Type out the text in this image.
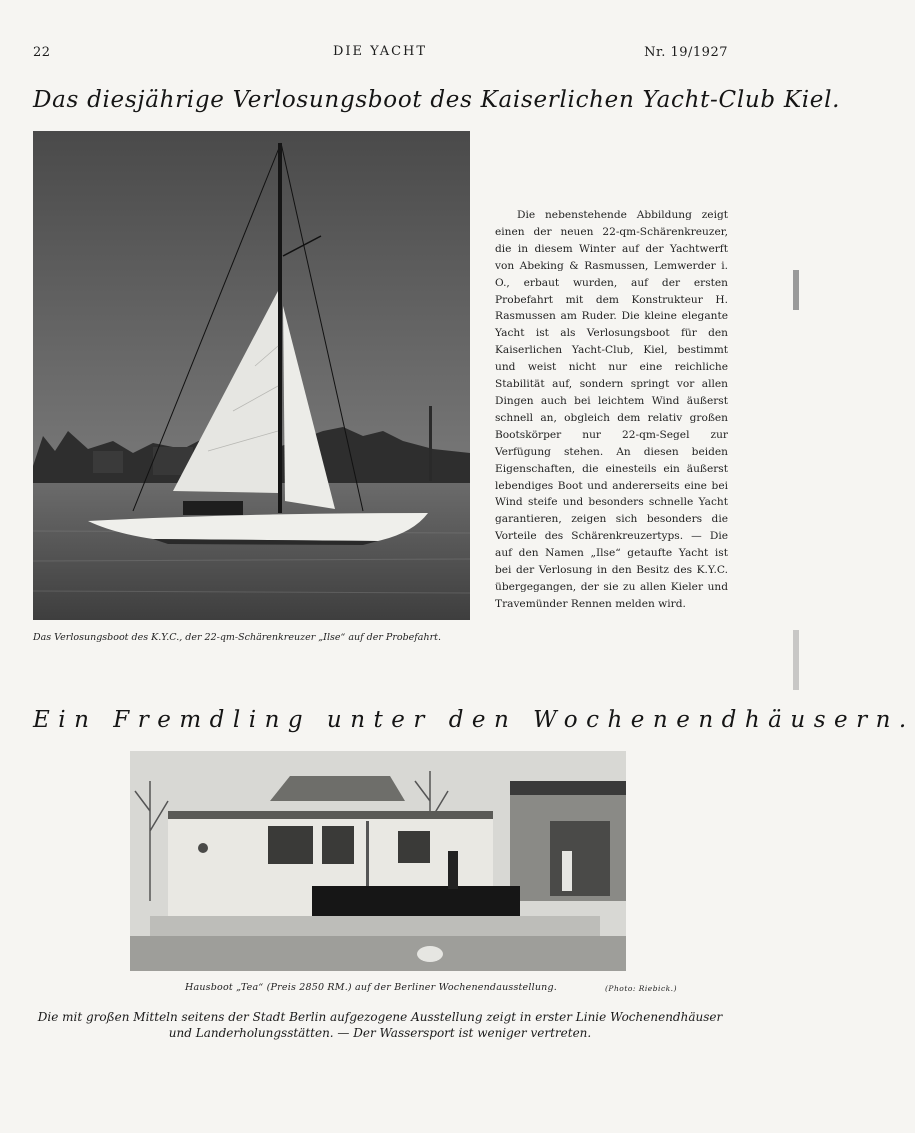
22	DIE YACHT	Nr. 19/1927
Das diesjährige Verlosungsboot des Kaiserlichen Yacht-Club Kiel.
Das Verlosungsboot des K.Y.C., der 22-qm-Schärenkreuzer „Ilse“ auf der Probefahrt.

Die nebenstehende Abbildung zeigt einen der neuen 22-qm-Schärenkreuzer, die in diesem Winter auf der Yachtwerft von Abeking & Rasmussen, Lemwerder i. O., erbaut wurden, auf der ersten Probefahrt mit dem Konstrukteur H. Rasmussen am Ruder. Die kleine elegante Yacht ist als Verlosungsboot für den Kaiserlichen Yacht-Club, Kiel, bestimmt und weist nicht nur eine reichliche Stabilität auf, sondern springt vor allen Dingen auch bei leichtem Wind äußerst schnell an, obgleich dem relativ großen Bootskörper nur 22-qm-Segel zur Verfügung stehen. An diesen beiden Eigenschaften, die einesteils ein äußerst lebendiges Boot und andererseits eine bei Wind steife und besonders schnelle Yacht garantieren, zeigen sich besonders die Vorteile des Schärenkreuzertyps. — Die auf den Namen „Ilse“ getaufte Yacht ist bei der Verlosung in den Besitz des K.Y.C. übergegangen, der sie zu allen Kieler und Travemünder Rennen melden wird.

Ein Fremdling unter den Wochenendhäusern.
Hausboot „Tea“ (Preis 2850 RM.) auf der Berliner Wochenendausstellung.	(Photo: Riebick.)
Die mit großen Mitteln seitens der Stadt Berlin aufgezogene Ausstellung zeigt in erster Linie Wochenendhäuser
und Landerholungsstätten. — Der Wassersport ist weniger vertreten.
